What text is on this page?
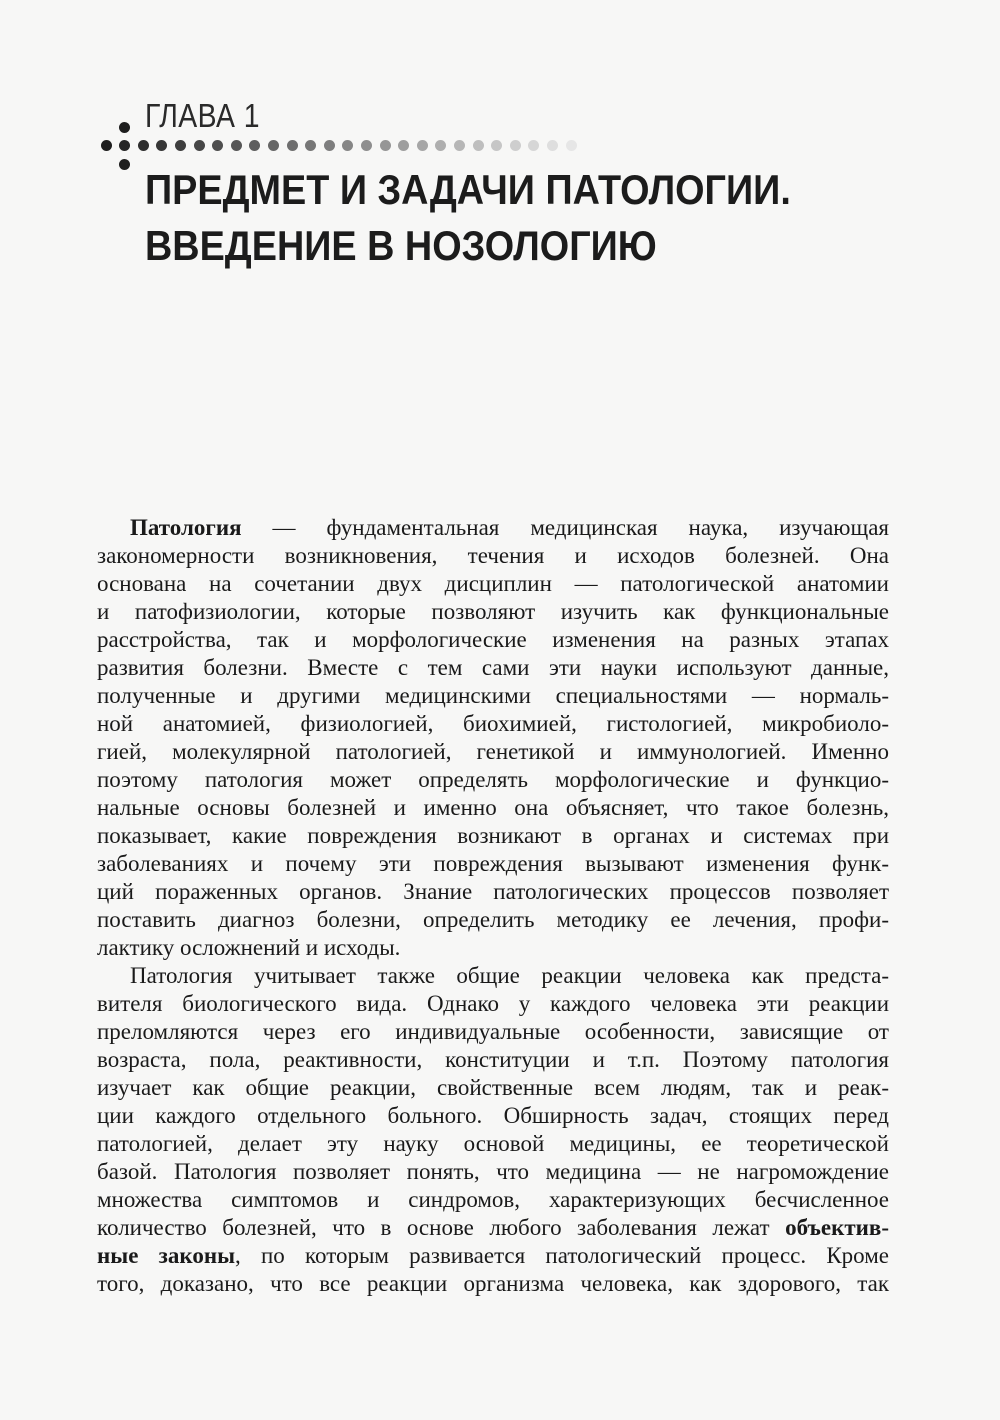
ГЛАВА 1
ПРЕДМЕТ И ЗАДАЧИ ПАТОЛОГИИ.
ВВЕДЕНИЕ В НОЗОЛОГИЮ

Патология — фундаментальная медицинская наука, изучающая
закономерности возникновения, течения и исходов болезней. Она
основана на сочетании двух дисциплин — патологической анатомии
и патофизиологии, которые позволяют изучить как функциональные
расстройства, так и морфологические изменения на разных этапах
развития болезни. Вместе с тем сами эти науки используют данные,
полученные и другими медицинскими специальностями — нормаль-
ной анатомией, физиологией, биохимией, гистологией, микробиоло-
гией, молекулярной патологией, генетикой и иммунологией. Именно
поэтому патология может определять морфологические и функцио-
нальные основы болезней и именно она объясняет, что такое болезнь,
показывает, какие повреждения возникают в органах и системах при
заболеваниях и почему эти повреждения вызывают изменения функ-
ций пораженных органов. Знание патологических процессов позволяет
поставить диагноз болезни, определить методику ее лечения, профи-
лактику осложнений и исходы.

Патология учитывает также общие реакции человека как предста-
вителя биологического вида. Однако у каждого человека эти реакции
преломляются через его индивидуальные особенности, зависящие от
возраста, пола, реактивности, конституции и т.п. Поэтому патология
изучает как общие реакции, свойственные всем людям, так и реак-
ции каждого отдельного больного. Обширность задач, стоящих перед
патологией, делает эту науку основой медицины, ее теоретической
базой. Патология позволяет понять, что медицина — не нагромождение
множества симптомов и синдромов, характеризующих бесчисленное
количество болезней, что в основе любого заболевания лежат объектив-
ные законы, по которым развивается патологический процесс. Кроме
того, доказано, что все реакции организма человека, как здорового, так
